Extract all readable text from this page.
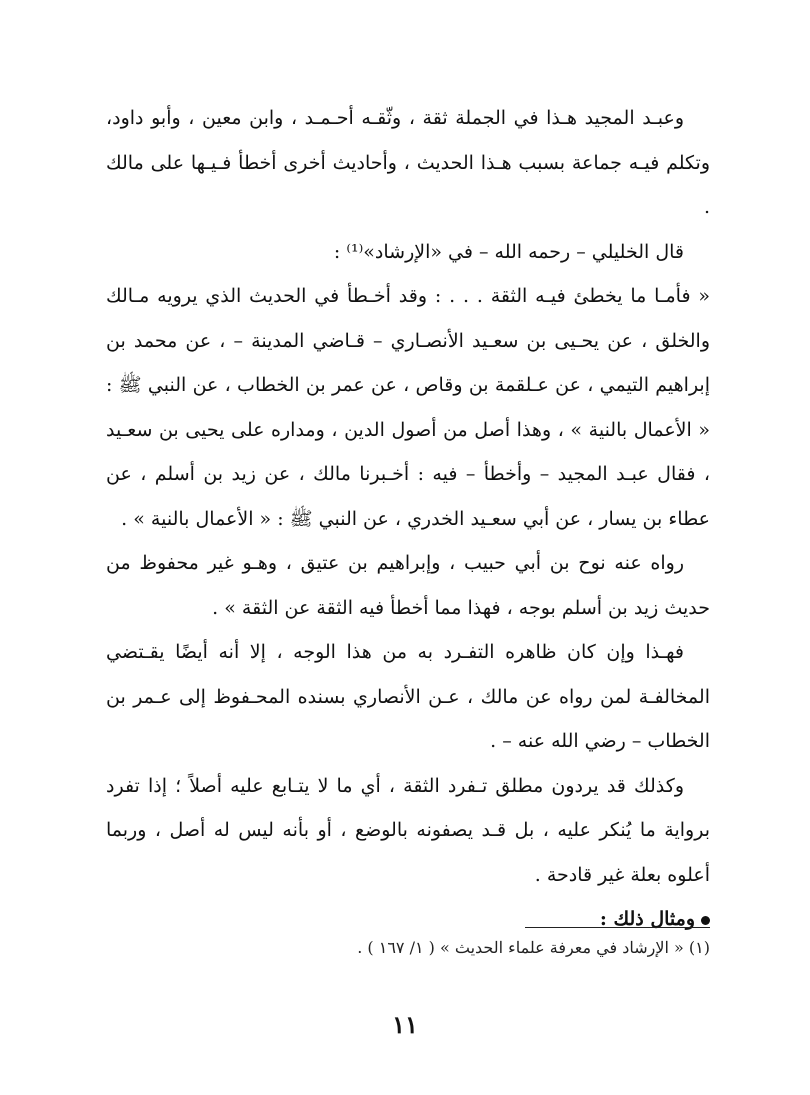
وعبـد المجيد هـذا في الجملة ثقة ، وثّقـه أحـمـد ، وابن معين ، وأبو داود، وتكلم فيـه جماعة بسبب هـذا الحديث ، وأحاديث أخرى أخطأ فـيـها على مالك .

قال الخليلي – رحمه الله – في «الإرشاد»⁽¹⁾ :

« فأمـا ما يخطئ فيـه الثقة . . . : وقد أخـطأ في الحديث الذي يرويه مـالك والخلق ، عن يحـيى بن سعـيد الأنصـاري – قـاضي المدينة – ، عن محمد بن إبراهيم التيمي ، عن عـلقمة بن وقاص ، عن عمر بن الخطاب ، عن النبي ﷺ : « الأعمال بالنية » ، وهذا أصل من أصول الدين ، ومداره على يحيى بن سعـيد ، فقال عبـد المجيد – وأخطأ – فيه : أخـبرنا مالك ، عن زيد بن أسلم ، عن عطاء بن يسار ، عن أبي سعـيد الخدري ، عن النبي ﷺ : « الأعمال بالنية » .

رواه عنه نوح بن أبي حبيب ، وإبراهيم بن عتيق ، وهـو غير محفوظ من حديث زيد بن أسلم بوجه ، فهذا مما أخطأ فيه الثقة عن الثقة » .

فهـذا وإن كان ظاهره التفـرد به من هذا الوجه ، إلا أنه أيضًا يقـتضي المخالفـة لمن رواه عن مالك ، عـن الأنصاري بسنده المحـفوظ إلى عـمر بن الخطاب – رضي الله عنه – .

وكذلك قد يردون مطلق تـفرد الثقة ، أي ما لا يتـابع عليه أصلاً ؛ إذا تفرد برواية ما يُنكر عليه ، بل قـد يصفونه بالوضع ، أو بأنه ليس له أصل ، وربما أعلوه بعلة غير قادحة .

ومثال ذلك :

(١) « الإرشاد في معرفة علماء الحديث » ( ١/ ١٦٧ ) .
١١
